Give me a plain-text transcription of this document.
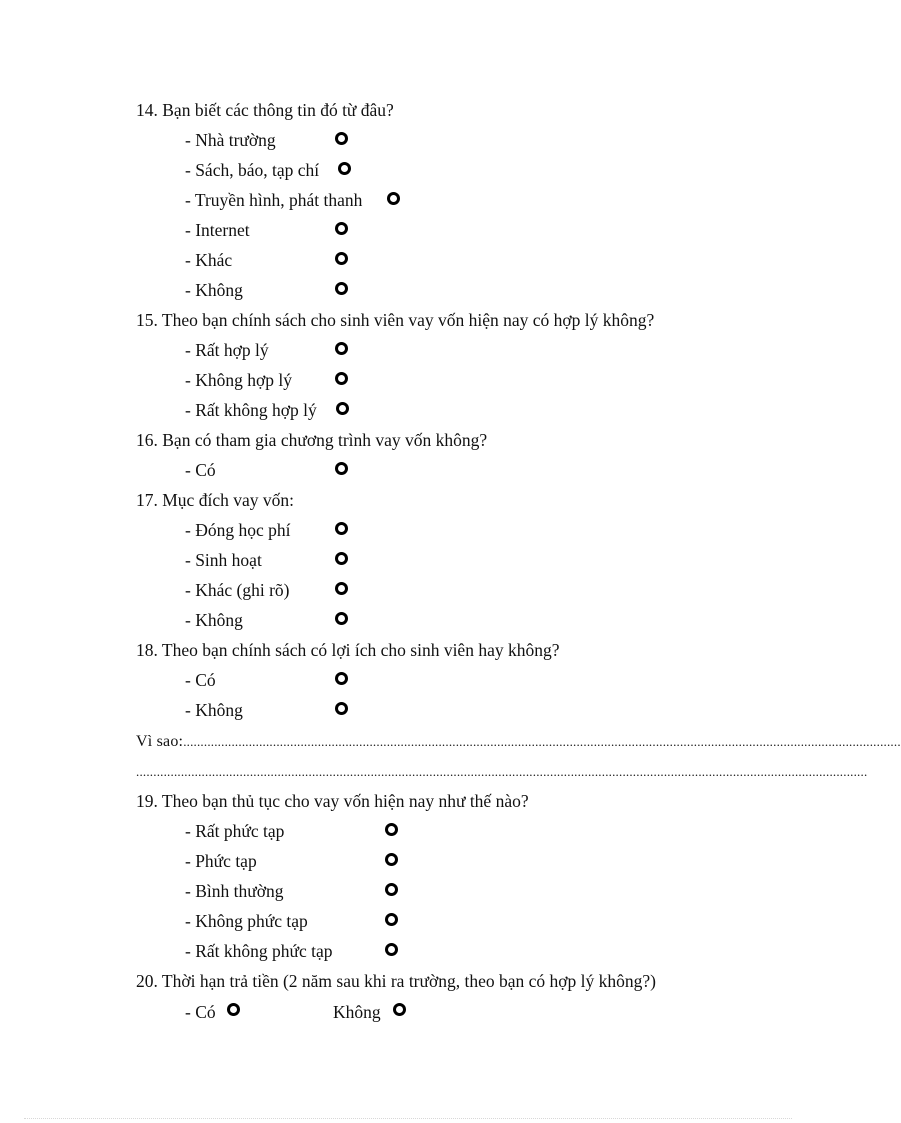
14. Bạn biết các thông tin đó từ đâu?
- Nhà trường
- Sách, báo, tạp chí
- Truyền hình, phát thanh
- Internet
- Khác
- Không
15. Theo bạn chính sách cho sinh viên vay vốn hiện nay có hợp lý không?
- Rất hợp lý
- Không hợp lý
- Rất không hợp lý
16. Bạn có tham gia chương trình vay vốn không?
- Có
17. Mục đích vay vốn:
- Đóng học phí
- Sinh hoạt
- Khác (ghi rõ)
- Không
18. Theo bạn chính sách có lợi ích cho sinh viên hay không?
- Có
- Không
Vì sao:................................................................................................................................................................................................................
....................................................................................................................................................................................................................
19. Theo bạn thủ tục cho vay vốn hiện nay như thế nào?
- Rất phức tạp
- Phức tạp
- Bình thường
- Không phức tạp
- Rất không phức tạp
20. Thời hạn trả tiền (2 năm sau khi ra trường, theo bạn có hợp lý không?)
- Có	Không
